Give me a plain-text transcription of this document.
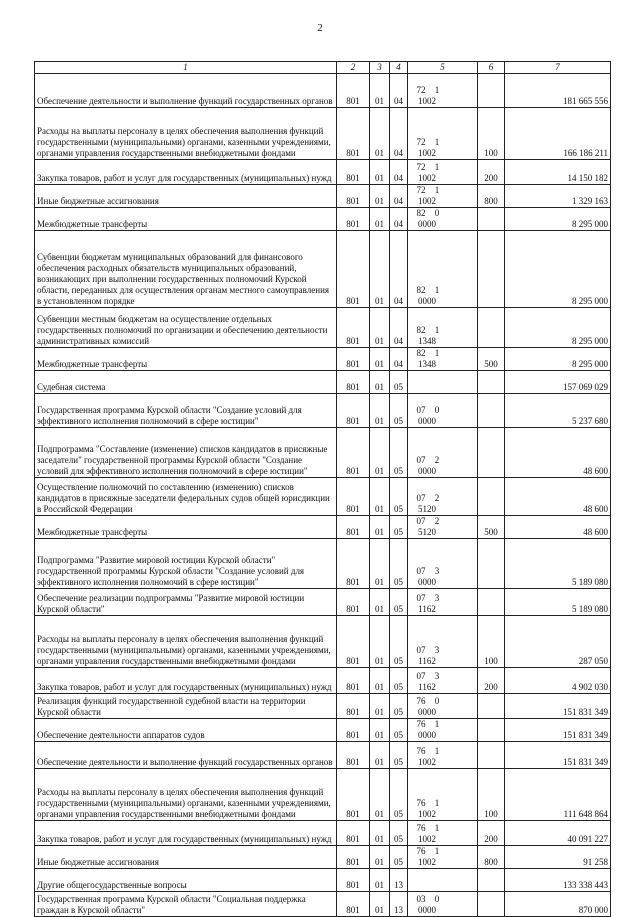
2
1	2	3	4	5	6	7
Обеспечение деятельности и выполнение функций государственных органов	801	01	04	72 11002		181 665 556
Расходы на выплаты персоналу в целях обеспечения выполнения функций государственными (муниципальными) органами, казенными учреждениями, органами управления государственными внебюджетными фондами	801	01	04	72 11002	100	166 186 211
Закупка товаров, работ и услуг для государственных (муниципальных) нужд	801	01	04	72 11002	200	14 150 182
Иные бюджетные ассигнования	801	01	04	72 11002	800	1 329 163
Межбюджетные трансферты	801	01	04	82 00000		8 295 000
Субвенции бюджетам муниципальных образований для финансового обеспечения расходных обязательств муниципальных образований, возникающих при выполнении государственных полномочий Курской области, переданных для осуществления органам местного самоуправления в установленном порядке	801	01	04	82 10000		8 295 000
Субвенции местным бюджетам на осуществление отдельных государственных полномочий по организации и обеспечению деятельности административных комиссий	801	01	04	82 11348		8 295 000
Межбюджетные трансферты	801	01	04	82 11348	500	8 295 000
Судебная система	801	01	05			157 069 029
Государственная программа Курской области "Создание условий для эффективного исполнения полномочий в сфере юстиции"	801	01	05	07 00000		5 237 680
Подпрограмма "Составление (изменение) списков кандидатов в присяжные заседатели" государственной программы Курской области "Создание условий для эффективного исполнения полномочий в сфере юстиции"	801	01	05	07 20000		48 600
Осуществление полномочий по составлению (изменению) списков кандидатов в присяжные заседатели федеральных судов общей юрисдикции в Российской Федерации	801	01	05	07 25120		48 600
Межбюджетные трансферты	801	01	05	07 25120	500	48 600
Подпрограмма "Развитие мировой юстиции Курской области" государственной программы Курской области "Создание условий для эффективного исполнения полномочий в сфере юстиции"	801	01	05	07 30000		5 189 080
Обеспечение реализации подпрограммы "Развитие мировой юстиции Курской области"	801	01	05	07 31162		5 189 080
Расходы на выплаты персоналу в целях обеспечения выполнения функций государственными (муниципальными) органами, казенными учреждениями, органами управления государственными внебюджетными фондами	801	01	05	07 31162	100	287 050
Закупка товаров, работ и услуг для государственных (муниципальных) нужд	801	01	05	07 31162	200	4 902 030
Реализация функций государственной судебной власти на территории Курской области	801	01	05	76 00000		151 831 349
Обеспечение деятельности аппаратов судов	801	01	05	76 10000		151 831 349
Обеспечение деятельности и выполнение функций государственных органов	801	01	05	76 11002		151 831 349
Расходы на выплаты персоналу в целях обеспечения выполнения функций государственными (муниципальными) органами, казенными учреждениями, органами управления государственными внебюджетными фондами	801	01	05	76 11002	100	111 648 864
Закупка товаров, работ и услуг для государственных (муниципальных) нужд	801	01	05	76 11002	200	40 091 227
Иные бюджетные ассигнования	801	01	05	76 11002	800	91 258
Другие общегосударственные вопросы	801	01	13			133 338 443
Государственная программа Курской области "Социальная поддержка граждан в Курской области"	801	01	13	03 00000		870 000
